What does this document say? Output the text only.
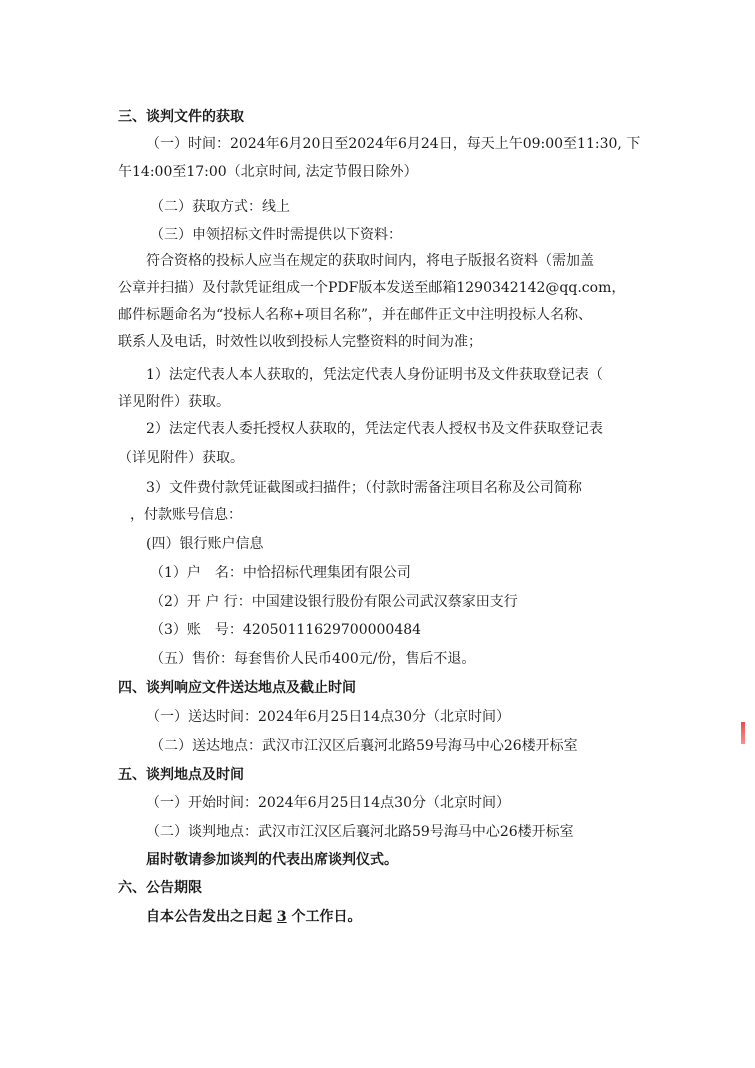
三、谈判文件的获取
（一）时间：2024年6月20日至2024年6月24日，每天上午09:00至11:30, 下
午14:00至17:00（北京时间, 法定节假日除外）
（二）获取方式：线上
（三）申领招标文件时需提供以下资料：
符合资格的投标人应当在规定的获取时间内，将电子版报名资料（需加盖
公章并扫描）及付款凭证组成一个PDF版本发送至邮箱1290342142@qq.com，
邮件标题命名为“投标人名称+项目名称”，并在邮件正文中注明投标人名称、
联系人及电话，时效性以收到投标人完整资料的时间为准；
1）法定代表人本人获取的，凭法定代表人身份证明书及文件获取登记表（
详见附件）获取。
2）法定代表人委托授权人获取的，凭法定代表人授权书及文件获取登记表
（详见附件）获取。
3）文件费付款凭证截图或扫描件；（付款时需备注项目名称及公司简称
，付款账号信息：
(四）银行账户信息
（1）户　名：中恰招标代理集团有限公司
（2）开 户 行：中国建设银行股份有限公司武汉蔡家田支行
（3）账　号：42050111629700000484
（五）售价：每套售价人民币400元/份，售后不退。
四、谈判响应文件送达地点及截止时间
（一）送达时间：2024年6月25日14点30分（北京时间）
（二）送达地点：武汉市江汉区后襄河北路59号海马中心26楼开标室
五、谈判地点及时间
（一）开始时间：2024年6月25日14点30分（北京时间）
（二）谈判地点：武汉市江汉区后襄河北路59号海马中心26楼开标室
届时敬请参加谈判的代表出席谈判仪式。
六、公告期限
自本公告发出之日起 3 个工作日。
